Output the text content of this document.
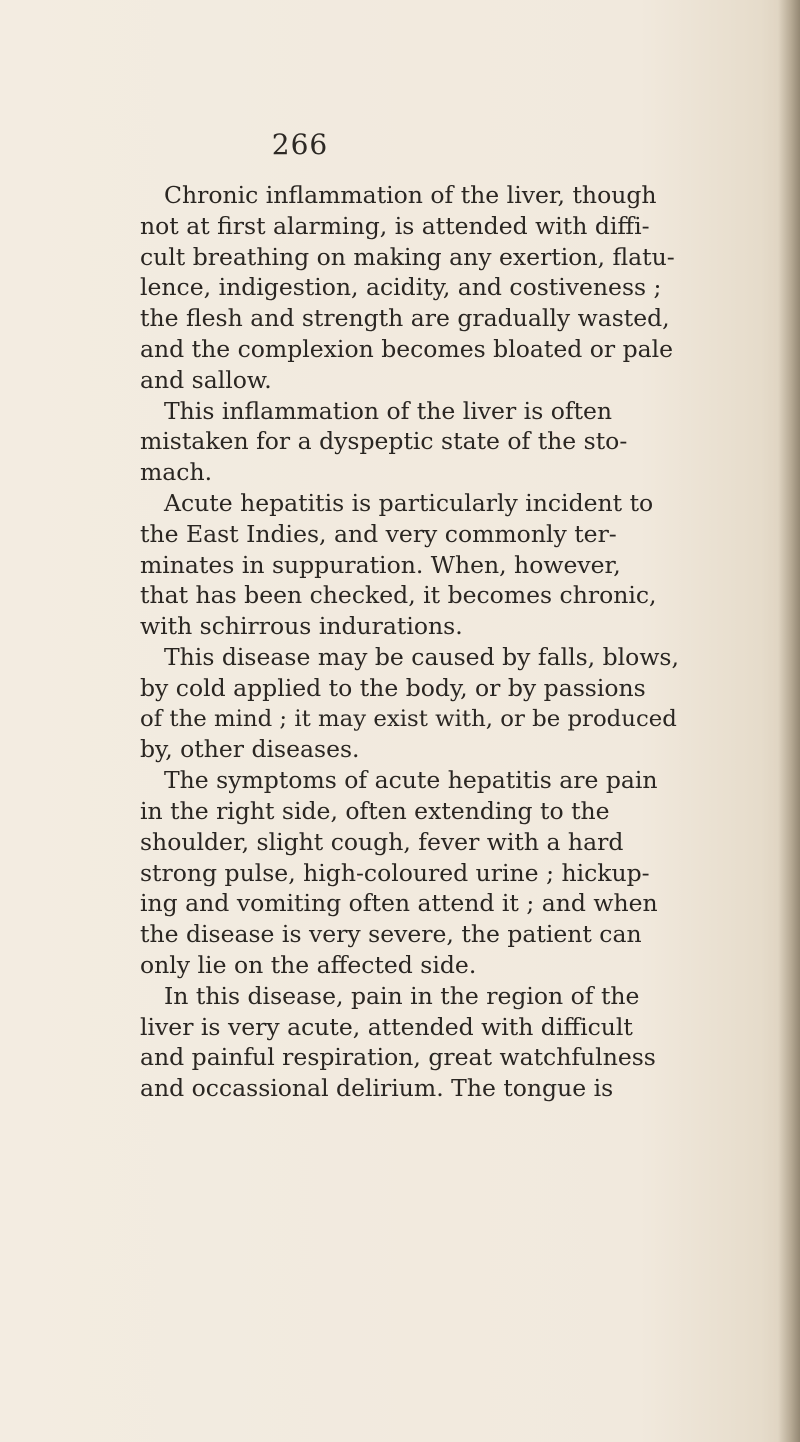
266
Chronic inflammation of the liver, though
not at first alarming, is attended with diffi-
cult breathing on making any exertion, flatu-
lence, indigestion, acidity, and costiveness ;
the flesh and strength are gradually wasted,
and the complexion becomes bloated or pale
and sallow.
This inflammation of the liver is often
mistaken for a dyspeptic state of the sto-
mach.
Acute hepatitis is particularly incident to
the East Indies, and very commonly ter-
minates in suppuration. When, however,
that has been checked, it becomes chronic,
with schirrous indurations.
This disease may be caused by falls, blows,
by cold applied to the body, or by passions
of the mind ; it may exist with, or be produced
by, other diseases.
The symptoms of acute hepatitis are pain
in the right side, often extending to the
shoulder, slight cough, fever with a hard
strong pulse, high-coloured urine ; hickup-
ing and vomiting often attend it ; and when
the disease is very severe, the patient can
only lie on the affected side.
In this disease, pain in the region of the
liver is very acute, attended with difficult
and painful respiration, great watchfulness
and occassional delirium. The tongue is
